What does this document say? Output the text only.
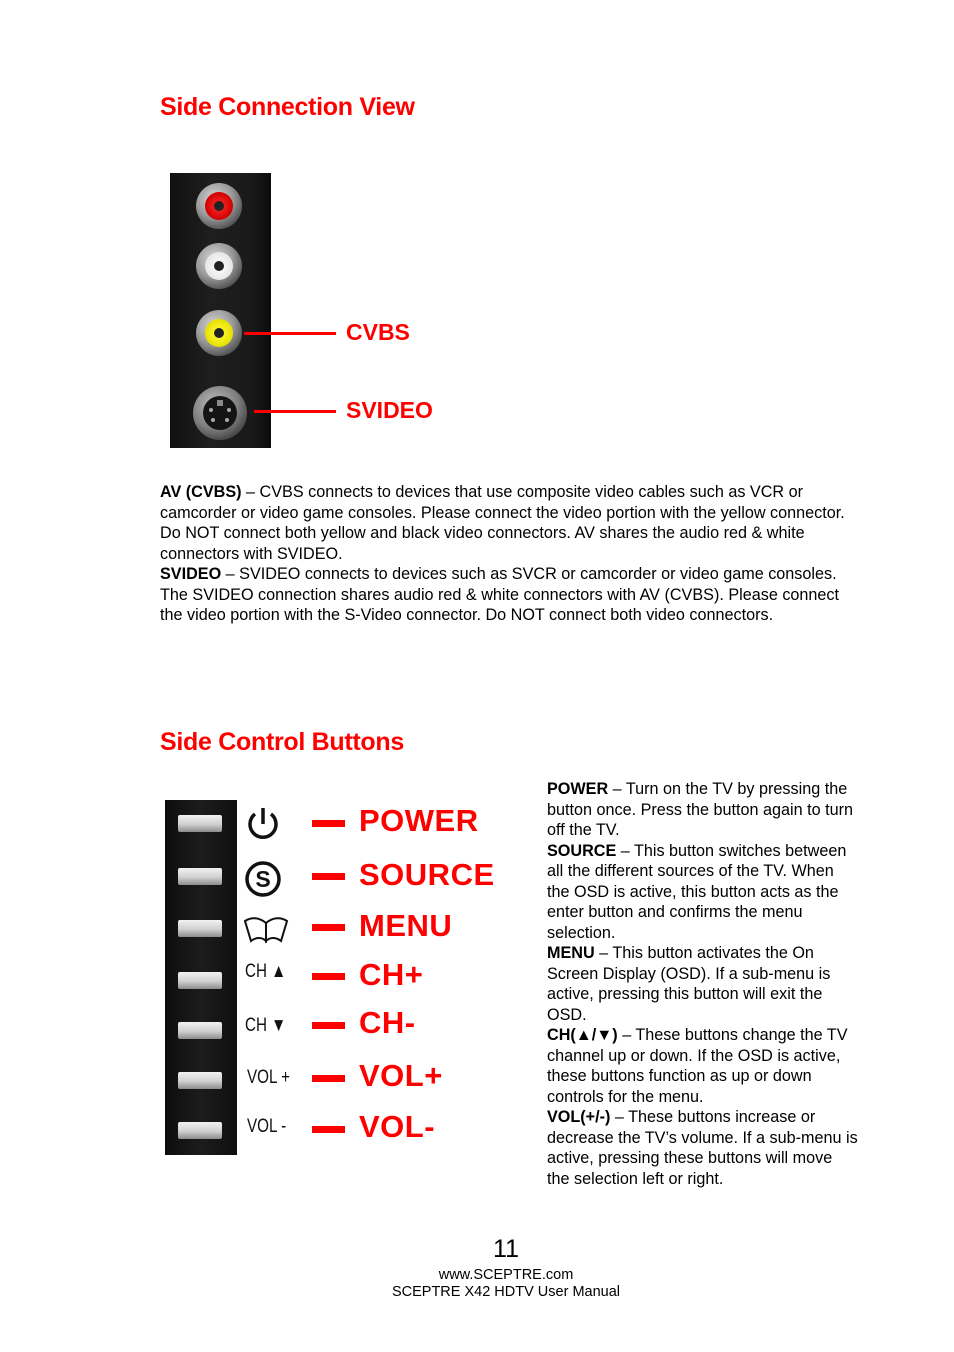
Side Connection View
CVBS
SVIDEO
AV (CVBS) – CVBS connects to devices that use composite video cables such as VCR or camcorder or video game consoles. Please connect the video portion with the yellow connector. Do NOT connect both yellow and black video connectors. AV shares the audio red & white connectors with SVIDEO.
SVIDEO – SVIDEO connects to devices such as SVCR or camcorder or video game consoles. The SVIDEO connection shares audio red & white connectors with AV (CVBS). Please connect the video portion with the S-Video connector. Do NOT connect both video connectors.
Side Control Buttons
S
CH ▲
CH ▼
VOL +
VOL -
POWER
SOURCE
MENU
CH+
CH-
VOL+
VOL-
POWER – Turn on the TV by pressing the button once. Press the button again to turn off the TV.
SOURCE – This button switches between all the different sources of the TV. When the OSD is active, this button acts as the enter button and confirms the menu selection.
MENU – This button activates the On Screen Display (OSD). If a sub-menu is active, pressing this button will exit the OSD.
CH(▲/▼) – These buttons change the TV channel up or down. If the OSD is active, these buttons function as up or down controls for the menu.
VOL(+/-) – These buttons increase or decrease the TV’s volume. If a sub-menu is active, pressing these buttons will move the selection left or right.
11
www.SCEPTRE.com
SCEPTRE X42 HDTV User Manual
